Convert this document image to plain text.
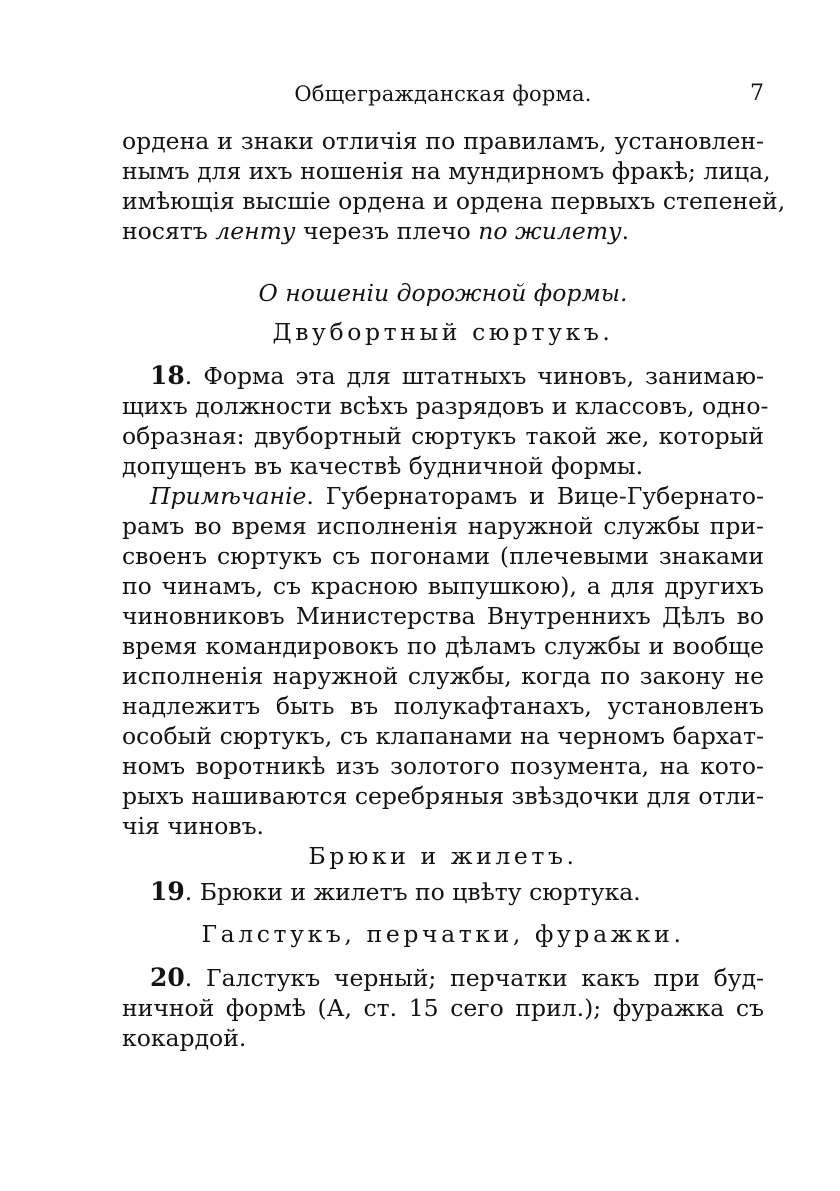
Общегражданская форма.	7
ордена и знаки отличія по правиламъ, установлен-
нымъ для ихъ ношенія на мундирномъ фракѣ; лица,
имѣющія высшіе ордена и ордена первыхъ степеней,
носятъ ленту черезъ плечо по жилету.
О ношеніи дорожной формы.
Двубортный сюртукъ.
18. Форма эта для штатныхъ чиновъ, занимаю-
щихъ должности всѣхъ разрядовъ и классовъ, одно-
образная: двубортный сюртукъ такой же, который
допущенъ въ качествѣ будничной формы.
Примѣчаніе. Губернаторамъ и Вице-Губернато-
рамъ во время исполненія наружной службы при-
своенъ сюртукъ съ погонами (плечевыми знаками
по чинамъ, съ красною выпушкою), а для другихъ
чиновниковъ Министерства Внутреннихъ Дѣлъ во
время командировокъ по дѣламъ службы и вообще
исполненія наружной службы, когда по закону не
надлежитъ быть въ полукафтанахъ, установленъ
особый сюртукъ, съ клапанами на черномъ бархат-
номъ воротникѣ изъ золотого позумента, на кото-
рыхъ нашиваются серебряныя звѣздочки для отли-
чія чиновъ.
Брюки и жилетъ.
19. Брюки и жилетъ по цвѣту сюртука.
Галстукъ, перчатки, фуражки.
20. Галстукъ черный; перчатки какъ при буд-
ничной формѣ (А, ст. 15 сего прил.); фуражка съ
кокардой.
